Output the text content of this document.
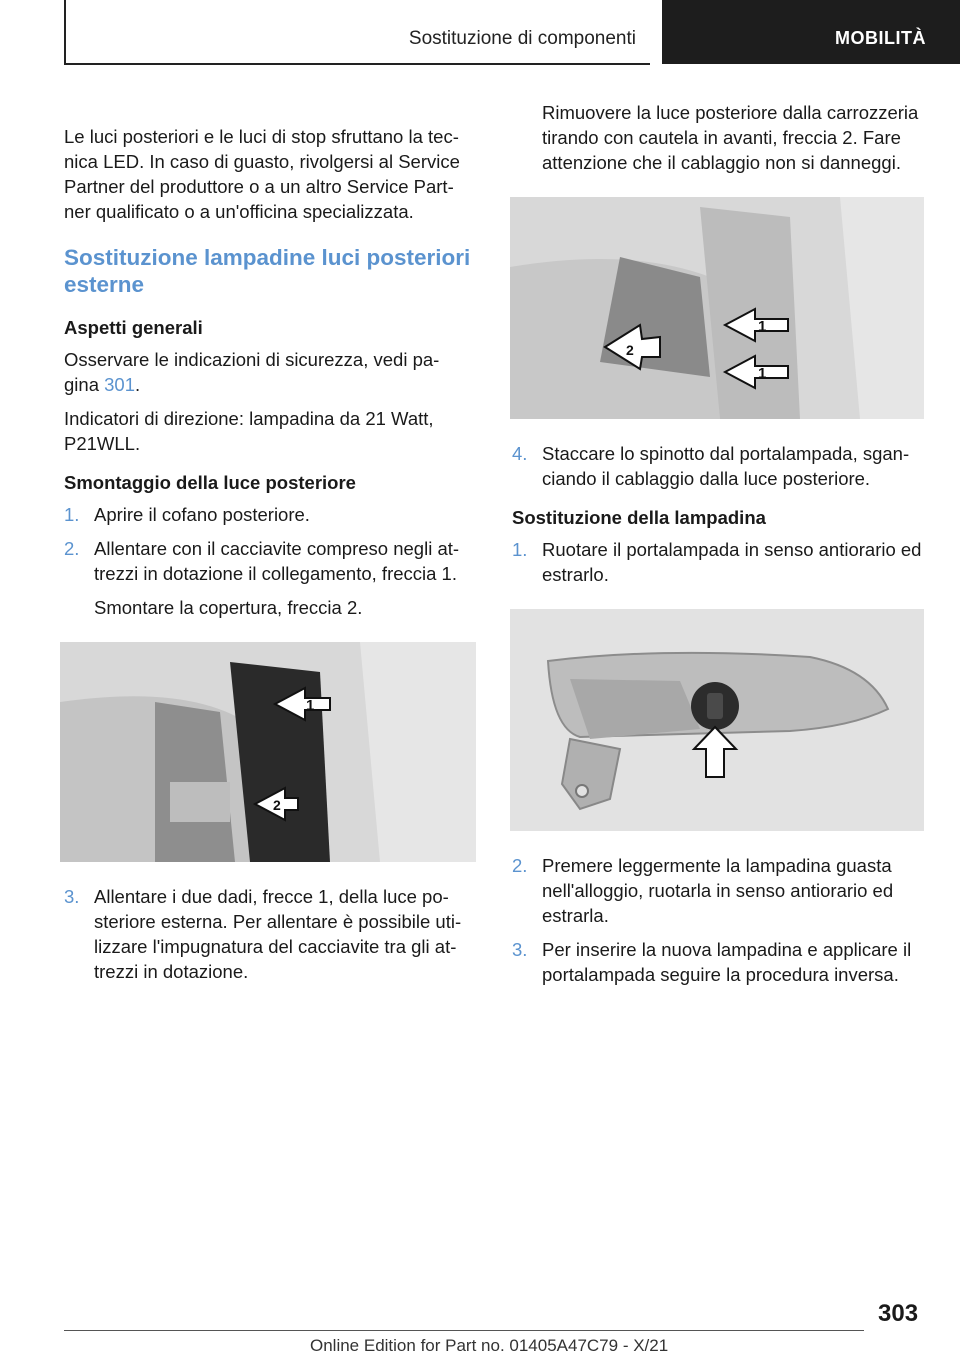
Sostituzione di componenti	MOBILITÀ

Le luci posteriori e le luci di stop sfruttano la tec-nica LED. In caso di guasto, rivolgersi al Service Partner del produttore o a un altro Service Part-ner qualificato o a un'officina specializzata.

Sostituzione lampadine luci posteriori esterne
Aspetti generali

Osservare le indicazioni di sicurezza, vedi pa-gina 301.

Indicatori di direzione: lampadina da 21 Watt, P21WLL.

Smontaggio della luce posteriore
1. Aprire il cofano posteriore.
2. Allentare con il cacciavite compreso negli at-trezzi in dotazione il collegamento, freccia 1.

Smontare la copertura, freccia 2.

1
2
3. Allentare i due dadi, frecce 1, della luce po-steriore esterna. Per allentare è possibile uti-lizzare l'impugnatura del cacciavite tra gli at-trezzi in dotazione.

Rimuovere la luce posteriore dalla carrozzeria tirando con cautela in avanti, freccia 2. Fare attenzione che il cablaggio non si danneggi.

1
2
1
4. Staccare lo spinotto dal portalampada, sgan-ciando il cablaggio dalla luce posteriore.
Sostituzione della lampadina
1. Ruotare il portalampada in senso antiorario ed estrarlo.
2. Premere leggermente la lampadina guasta nell'alloggio, ruotarla in senso antiorario ed estrarla.
3. Per inserire la nuova lampadina e applicare il portalampada seguire la procedura inversa.
303
Online Edition for Part no. 01405A47C79 - X/21
